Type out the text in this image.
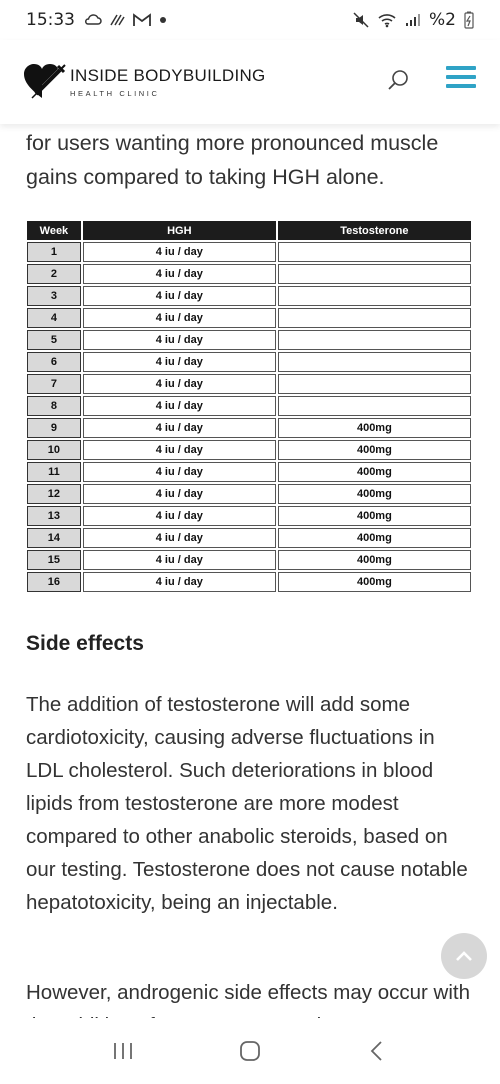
15:33	%2
INSIDE BODYBUILDING
HEALTH CLINIC

for users wanting more pronounced muscle gains compared to taking HGH alone.

Week	HGH	Testosterone
1	4 iu / day	
2	4 iu / day	
3	4 iu / day	
4	4 iu / day	
5	4 iu / day	
6	4 iu / day	
7	4 iu / day	
8	4 iu / day	
9	4 iu / day	400mg
10	4 iu / day	400mg
11	4 iu / day	400mg
12	4 iu / day	400mg
13	4 iu / day	400mg
14	4 iu / day	400mg
15	4 iu / day	400mg
16	4 iu / day	400mg
Side effects

The addition of testosterone will add some cardiotoxicity, causing adverse fluctuations in LDL cholesterol. Such deteriorations in blood lipids from testosterone are more modest compared to other anabolic steroids, based on our testing. Testosterone does not cause notable hepatotoxicity, being an injectable.

However, androgenic side effects may occur with
